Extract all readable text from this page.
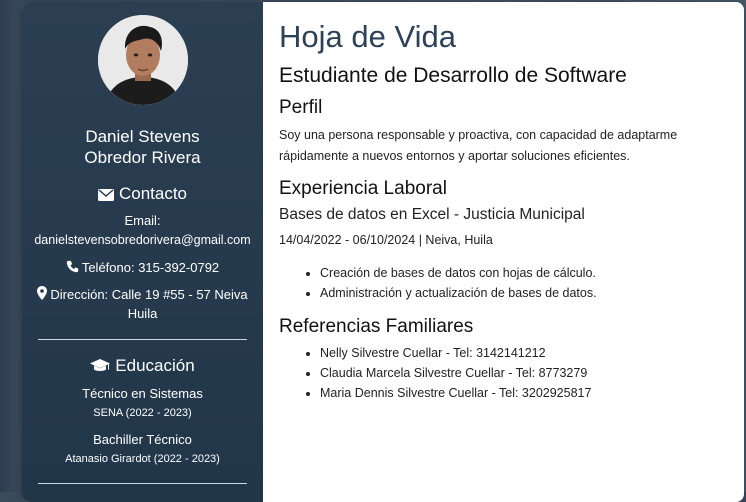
Daniel Stevens
Obredor Rivera
Contacto
Email:
danielstevensobredorivera@gmail.com
Teléfono: 315-392-0792
Dirección: Calle 19 #55 - 57 Neiva
Huila
Educación
Técnico en Sistemas
SENA (2022 - 2023)
Bachiller Técnico
Atanasio Girardot (2022 - 2023)
Hoja de Vida
Estudiante de Desarrollo de Software
Perfil
Soy una persona responsable y proactiva, con capacidad de adaptarme
rápidamente a nuevos entornos y aportar soluciones eficientes.
Experiencia Laboral
Bases de datos en Excel - Justicia Municipal
14/04/2022 - 06/10/2024 | Neiva, Huila
• Creación de bases de datos con hojas de cálculo.
• Administración y actualización de bases de datos.
Referencias Familiares
• Nelly Silvestre Cuellar - Tel: 3142141212
• Claudia Marcela Silvestre Cuellar - Tel: 8773279
• Maria Dennis Silvestre Cuellar - Tel: 3202925817
